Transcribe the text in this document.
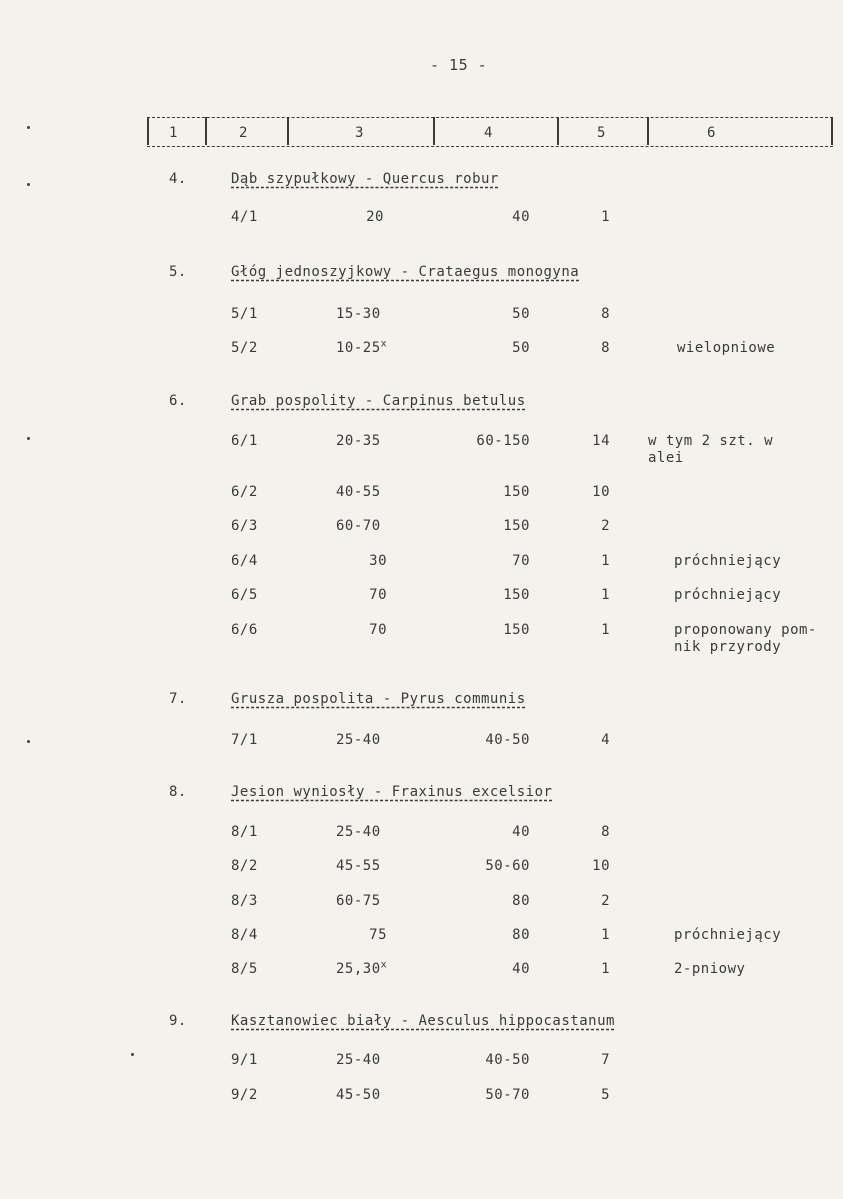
- 15 -
1	2	3	4	5	6
4.	Dąb szypułkowy - Quercus robur
4/1	20	40	1
5.	Głóg jednoszyjkowy - Crataegus monogyna
5/1	15-30	50	8
5/2	10-25$^x$	50	8	wielopniowe
6.	Grab pospolity - Carpinus betulus
6/1	20-35	60-150	14	w tym 2 szt. w
alei
6/2	40-55	150	10
6/3	60-70	150	2
6/4	30	70	1	próchniejący
6/5	70	150	1	próchniejący
6/6	70	150	1	proponowany pom-
nik przyrody
7.	Grusza pospolita - Pyrus communis
7/1	25-40	40-50	4
8.	Jesion wyniosły - Fraxinus excelsior
8/1	25-40	40	8
8/2	45-55	50-60	10
8/3	60-75	80	2
8/4	75	80	1	próchniejący
8/5	25,30$^x$	40	1	2-pniowy
9.	Kasztanowiec biały - Aesculus hippocastanum
9/1	25-40	40-50	7
9/2	45-50	50-70	5
